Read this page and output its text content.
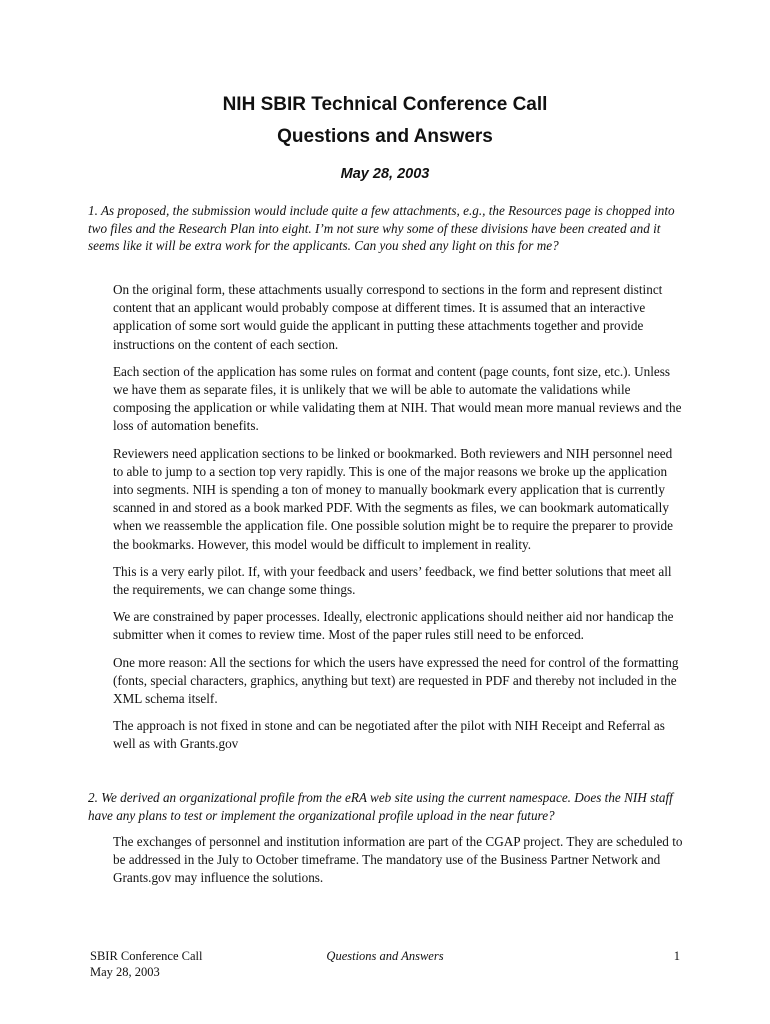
NIH SBIR Technical Conference Call
Questions and Answers

May 28, 2003

1. As proposed, the submission would include quite a few attachments, e.g., the Resources page is chopped into two files and the Research Plan into eight. I’m not sure why some of these divisions have been created and it seems like it will be extra work for the applicants. Can you shed any light on this for me?

On the original form, these attachments usually correspond to sections in the form and represent distinct content that an applicant would probably compose at different times. It is assumed that an interactive application of some sort would guide the applicant in putting these attachments together and provide instructions on the content of each section.

Each section of the application has some rules on format and content (page counts, font size, etc.). Unless we have them as separate files, it is unlikely that we will be able to automate the validations while composing the application or while validating them at NIH. That would mean more manual reviews and the loss of automation benefits.

Reviewers need application sections to be linked or bookmarked. Both reviewers and NIH personnel need to able to jump to a section top very rapidly. This is one of the major reasons we broke up the application into segments. NIH is spending a ton of money to manually bookmark every application that is currently scanned in and stored as a book marked PDF. With the segments as files, we can bookmark automatically when we reassemble the application file. One possible solution might be to require the preparer to provide the bookmarks. However, this model would be difficult to implement in reality.

This is a very early pilot. If, with your feedback and users’ feedback, we find better solutions that meet all the requirements, we can change some things.

We are constrained by paper processes. Ideally, electronic applications should neither aid nor handicap the submitter when it comes to review time. Most of the paper rules still need to be enforced.

One more reason: All the sections for which the users have expressed the need for control of the formatting (fonts, special characters, graphics, anything but text) are requested in PDF and thereby not included in the XML schema itself.

The approach is not fixed in stone and can be negotiated after the pilot with NIH Receipt and Referral as well as with Grants.gov

2. We derived an organizational profile from the eRA web site using the current namespace. Does the NIH staff have any plans to test or implement the organizational profile upload in the near future?

The exchanges of personnel and institution information are part of the CGAP project. They are scheduled to be addressed in the July to October timeframe. The mandatory use of the Business Partner Network and Grants.gov may influence the solutions.

SBIR Conference Call
May 28, 2003

Questions and Answers	1
